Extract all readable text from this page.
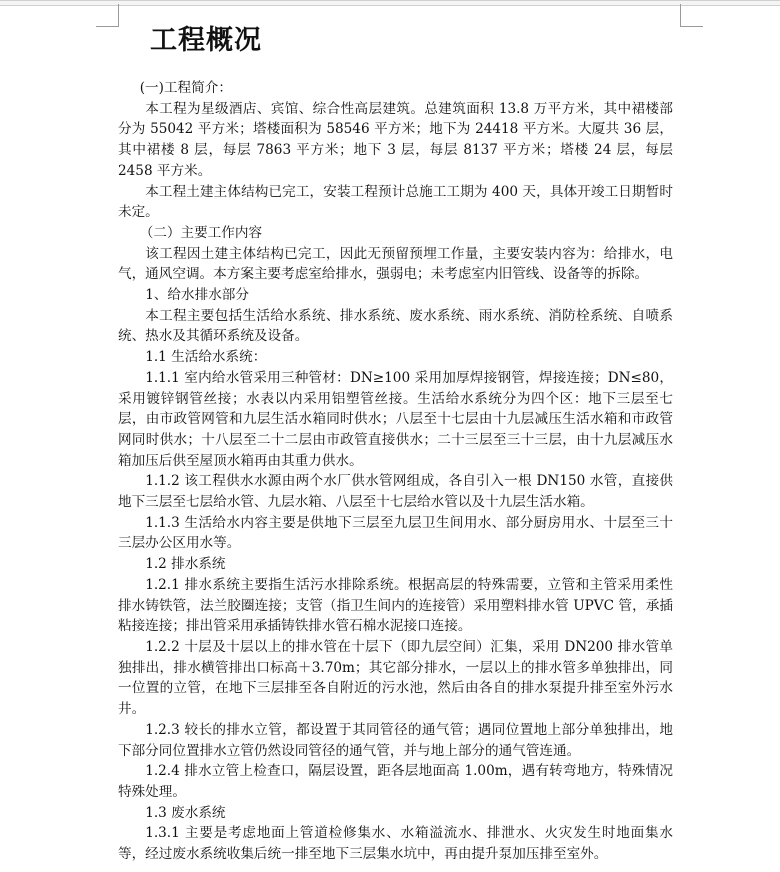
工程概况

(一)工程简介：

本工程为星级酒店、宾馆、综合性高层建筑。总建筑面积 13.8 万平方米，其中裙楼部分为 55042 平方米；塔楼面积为 58546 平方米；地下为 24418 平方米。大厦共 36 层，其中裙楼 8 层，每层 7863 平方米；地下 3 层，每层 8137 平方米；塔楼 24 层，每层 2458 平方米。

本工程土建主体结构已完工，安装工程预计总施工工期为 400 天，具体开竣工日期暂时未定。

（二）主要工作内容

该工程因土建主体结构已完工，因此无预留预埋工作量，主要安装内容为：给排水，电气，通风空调。本方案主要考虑室给排水，强弱电；未考虑室内旧管线、设备等的拆除。

1、给水排水部分

本工程主要包括生活给水系统、排水系统、废水系统、雨水系统、消防栓系统、自喷系统、热水及其循环系统及设备。

1.1 生活给水系统：

1.1.1 室内给水管采用三种管材：DN≥100 采用加厚焊接钢管，焊接连接；DN≤80，采用镀锌钢管丝接；水表以内采用铝塑管丝接。生活给水系统分为四个区：地下三层至七层，由市政管网管和九层生活水箱同时供水；八层至十七层由十九层减压生活水箱和市政管网同时供水；十八层至二十二层由市政管直接供水；二十三层至三十三层，由十九层减压水箱加压后供至屋顶水箱再由其重力供水。

1.1.2 该工程供水水源由两个水厂供水管网组成，各自引入一根 DN150 水管，直接供地下三层至七层给水管、九层水箱、八层至十七层给水管以及十九层生活水箱。

1.1.3 生活给水内容主要是供地下三层至九层卫生间用水、部分厨房用水、十层至三十三层办公区用水等。

1.2 排水系统

1.2.1 排水系统主要指生活污水排除系统。根据高层的特殊需要，立管和主管采用柔性排水铸铁管，法兰胶圈连接；支管（指卫生间内的连接管）采用塑料排水管 UPVC 管，承插粘接连接；排出管采用承插铸铁排水管石棉水泥接口连接。

1.2.2 十层及十层以上的排水管在十层下（即九层空间）汇集，采用 DN200 排水管单独排出，排水横管排出口标高＋3.70m；其它部分排水，一层以上的排水管多单独排出，同一位置的立管，在地下三层排至各自附近的污水池，然后由各自的排水泵提升排至室外污水井。

1.2.3 较长的排水立管，都设置于其同管径的通气管；遇同位置地上部分单独排出，地下部分同位置排水立管仍然设同管径的通气管，并与地上部分的通气管连通。

1.2.4 排水立管上检查口，隔层设置，距各层地面高 1.00m，遇有转弯地方，特殊情况特殊处理。

1.3 废水系统

1.3.1 主要是考虑地面上管道检修集水、水箱溢流水、排泄水、火灾发生时地面集水等，经过废水系统收集后统一排至地下三层集水坑中，再由提升泵加压排至室外。
